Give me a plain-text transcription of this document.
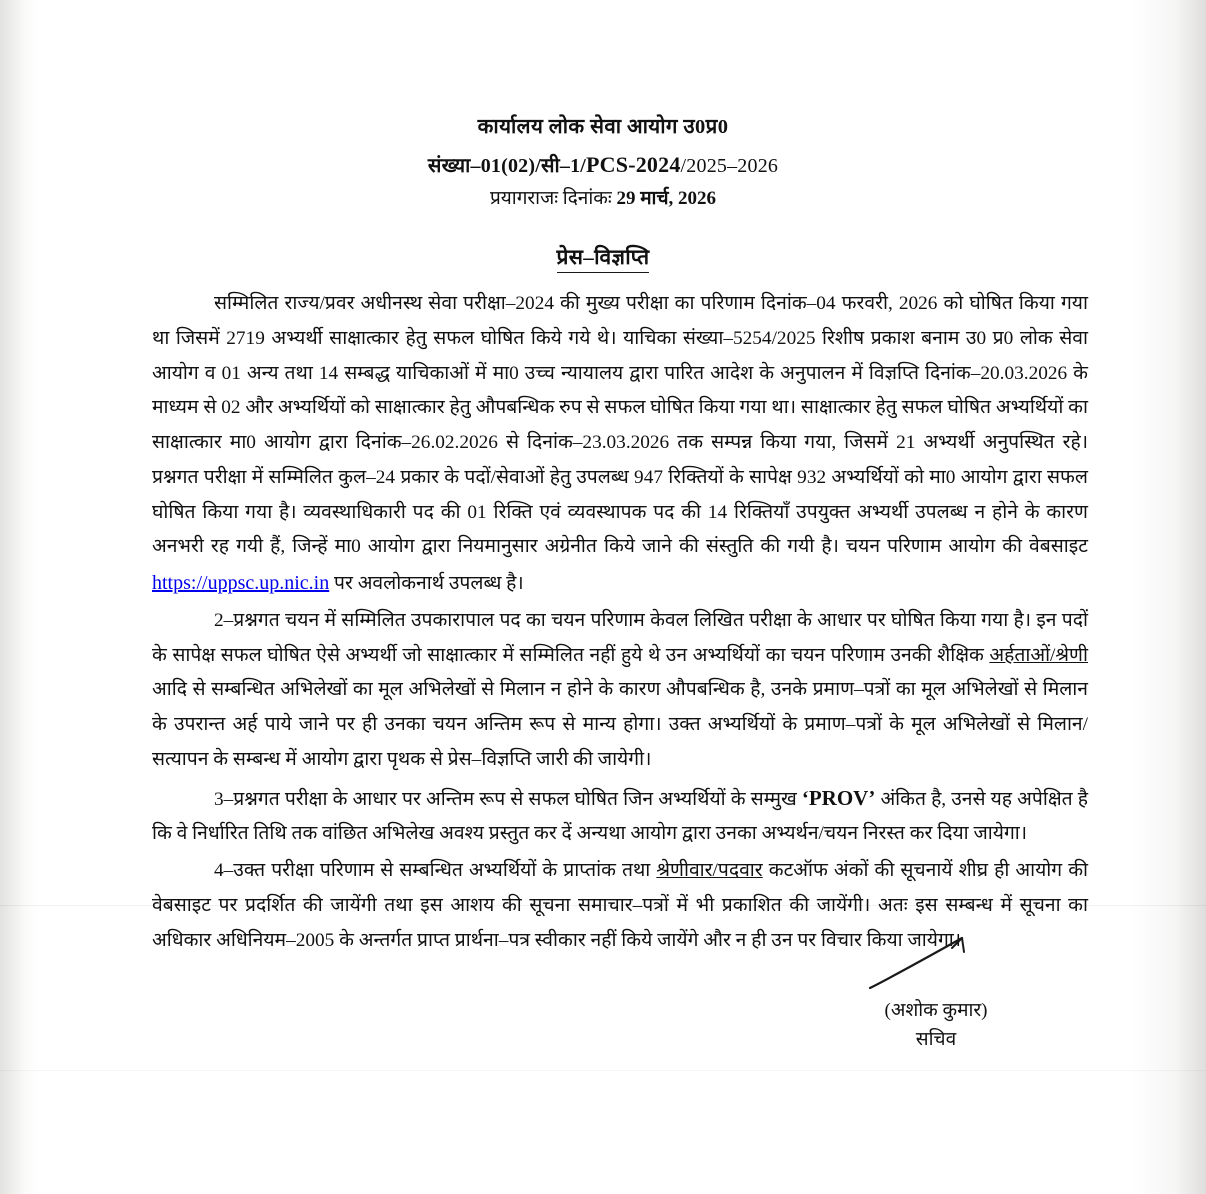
कार्यालय लोक सेवा आयोग उ0प्र0
संख्या–01(02)/सी–1/PCS-2024/2025–2026
प्रयागराजः दिनांकः 29 मार्च, 2026
प्रेस–विज्ञप्ति

सम्मिलित राज्य/प्रवर अधीनस्थ सेवा परीक्षा–2024 की मुख्य परीक्षा का परिणाम दिनांक–04 फरवरी, 2026 को घोषित किया गया था जिसमें 2719 अभ्यर्थी साक्षात्कार हेतु सफल घोषित किये गये थे। याचिका संख्या–5254/2025 रिशीष प्रकाश बनाम उ0 प्र0 लोक सेवा आयोग व 01 अन्य तथा 14 सम्बद्ध याचिकाओं में मा0 उच्च न्यायालय द्वारा पारित आदेश के अनुपालन में विज्ञप्ति दिनांक–20.03.2026 के माध्यम से 02 और अभ्यर्थियों को साक्षात्कार हेतु औपबन्धिक रुप से सफल घोषित किया गया था। साक्षात्कार हेतु सफल घोषित अभ्यर्थियों का साक्षात्कार मा0 आयोग द्वारा दिनांक–26.02.2026 से दिनांक–23.03.2026 तक सम्पन्न किया गया, जिसमें 21 अभ्यर्थी अनुपस्थित रहे। प्रश्नगत परीक्षा में सम्मिलित कुल–24 प्रकार के पदों/सेवाओं हेतु उपलब्ध 947 रिक्तियों के सापेक्ष 932 अभ्यर्थियों को मा0 आयोग द्वारा सफल घोषित किया गया है। व्यवस्थाधिकारी पद की 01 रिक्ति एवं व्यवस्थापक पद की 14 रिक्तियाँ उपयुक्त अभ्यर्थी उपलब्ध न होने के कारण अनभरी रह गयी हैं, जिन्हें मा0 आयोग द्वारा नियमानुसार अग्रेनीत किये जाने की संस्तुति की गयी है। चयन परिणाम आयोग की वेबसाइट https://uppsc.up.nic.in पर अवलोकनार्थ उपलब्ध है।

2–प्रश्नगत चयन में सम्मिलित उपकारापाल पद का चयन परिणाम केवल लिखित परीक्षा के आधार पर घोषित किया गया है। इन पदों के सापेक्ष सफल घोषित ऐसे अभ्यर्थी जो साक्षात्कार में सम्मिलित नहीं हुये थे उन अभ्यर्थियों का चयन परिणाम उनकी शैक्षिक अर्हताओं/श्रेणी आदि से सम्बन्धित अभिलेखों का मूल अभिलेखों से मिलान न होने के कारण औपबन्धिक है, उनके प्रमाण–पत्रों का मूल अभिलेखों से मिलान के उपरान्त अर्ह पाये जाने पर ही उनका चयन अन्तिम रूप से मान्य होगा। उक्त अभ्यर्थियों के प्रमाण–पत्रों के मूल अभिलेखों से मिलान/सत्यापन के सम्बन्ध में आयोग द्वारा पृथक से प्रेस–विज्ञप्ति जारी की जायेगी।

3–प्रश्नगत परीक्षा के आधार पर अन्तिम रूप से सफल घोषित जिन अभ्यर्थियों के सम्मुख ‘PROV’ अंकित है, उनसे यह अपेक्षित है कि वे निर्धारित तिथि तक वांछित अभिलेख अवश्य प्रस्तुत कर दें अन्यथा आयोग द्वारा उनका अभ्यर्थन/चयन निरस्त कर दिया जायेगा।

4–उक्त परीक्षा परिणाम से सम्बन्धित अभ्यर्थियों के प्राप्तांक तथा श्रेणीवार/पदवार कटऑफ अंकों की सूचनायें शीघ्र ही आयोग की वेबसाइट पर प्रदर्शित की जायेंगी तथा इस आशय की सूचना समाचार–पत्रों में भी प्रकाशित की जायेंगी। अतः इस सम्बन्ध में सूचना का अधिकार अधिनियम–2005 के अन्तर्गत प्राप्त प्रार्थना–पत्र स्वीकार नहीं किये जायेंगे और न ही उन पर विचार किया जायेगा।

(अशोक कुमार)
सचिव
